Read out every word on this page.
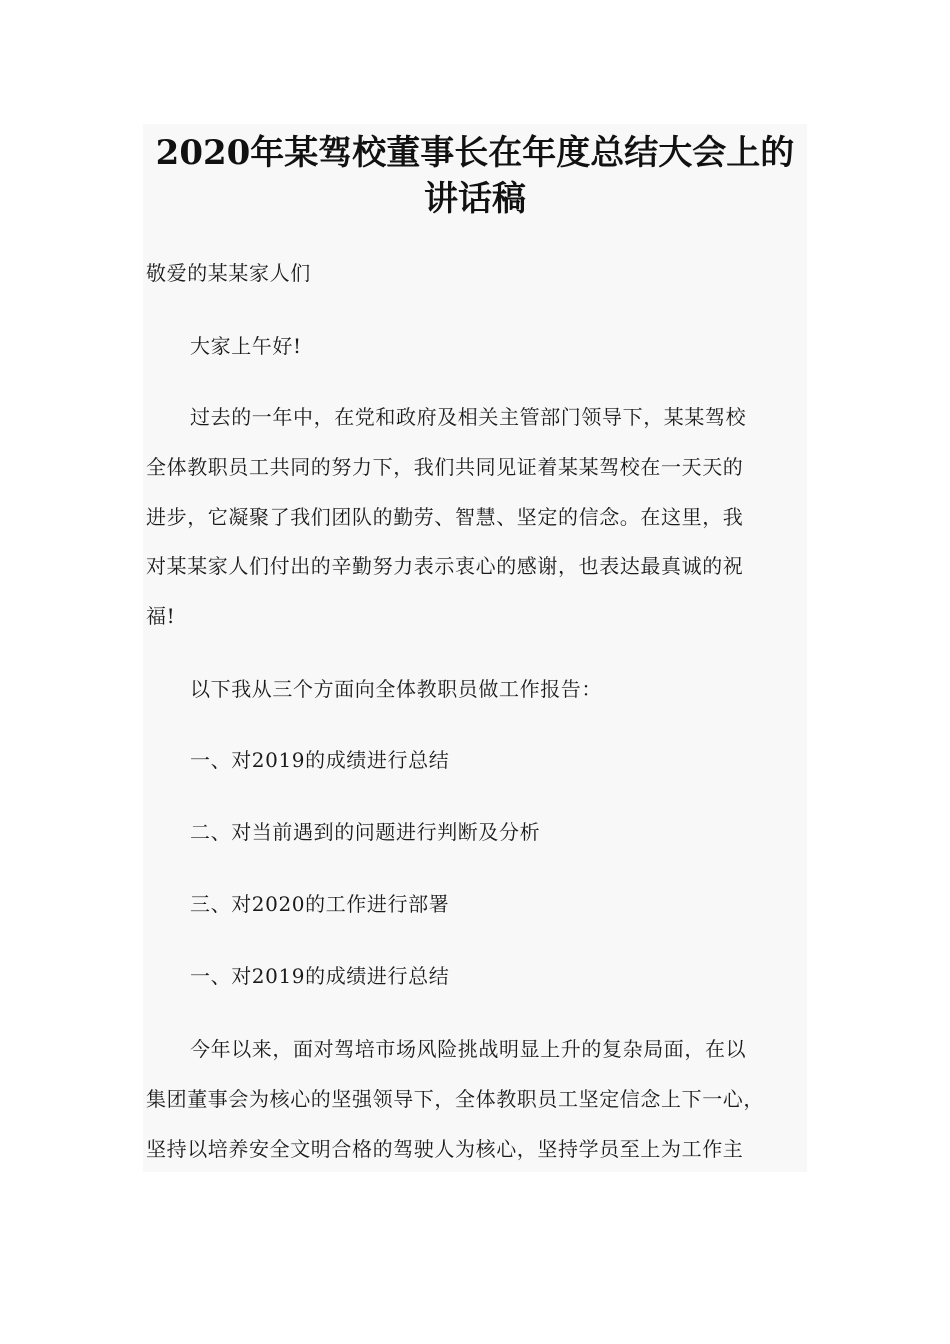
2020年某驾校董事长在年度总结大会上的
讲话稿

敬爱的某某家人们

大家上午好!

过去的一年中，在党和政府及相关主管部门领导下，某某驾校

全体教职员工共同的努力下，我们共同见证着某某驾校在一天天的

进步，它凝聚了我们团队的勤劳、智慧、坚定的信念。在这里，我

对某某家人们付出的辛勤努力表示衷心的感谢，也表达最真诚的祝

福!

以下我从三个方面向全体教职员做工作报告：

一、对2019的成绩进行总结

二、对当前遇到的问题进行判断及分析

三、对2020的工作进行部署

一、对2019的成绩进行总结

今年以来，面对驾培市场风险挑战明显上升的复杂局面，在以

集团董事会为核心的坚强领导下，全体教职员工坚定信念上下一心，

坚持以培养安全文明合格的驾驶人为核心，坚持学员至上为工作主
